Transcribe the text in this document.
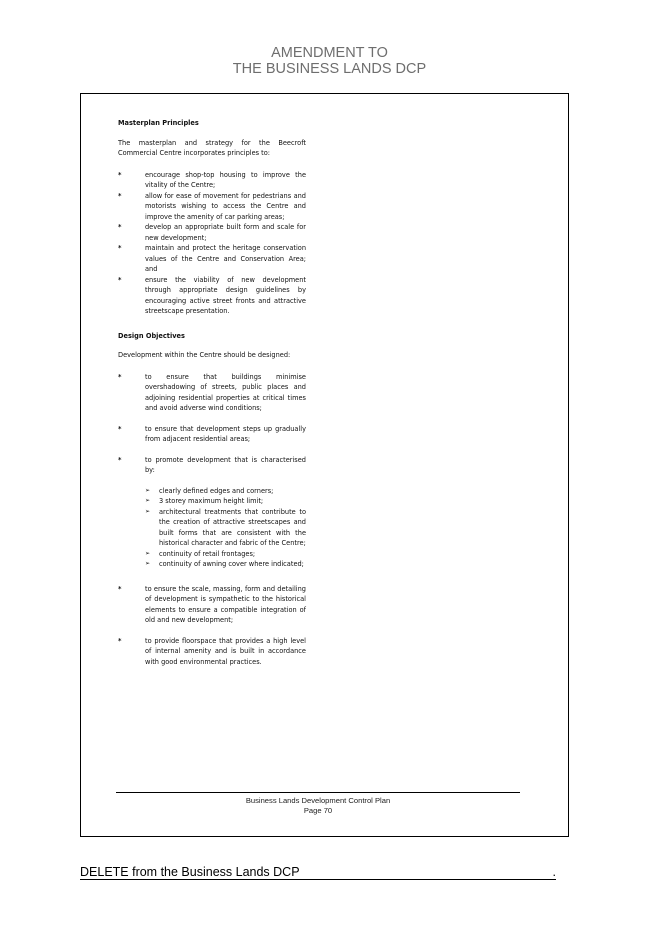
AMENDMENT TO
THE BUSINESS LANDS DCP
Masterplan Principles
The masterplan and strategy for the Beecroft Commercial Centre incorporates principles to:
* encourage shop-top housing to improve the vitality of the Centre;
* allow for ease of movement for pedestrians and motorists wishing to access the Centre and improve the amenity of car parking areas;
* develop an appropriate built form and scale for new development;
* maintain and protect the heritage conservation values of the Centre and Conservation Area; and
* ensure the viability of new development through appropriate design guidelines by encouraging active street fronts and attractive streetscape presentation.
Design Objectives
Development within the Centre should be designed:
* to ensure that buildings minimise overshadowing of streets, public places and adjoining residential properties at critical times and avoid adverse wind conditions;
* to ensure that development steps up gradually from adjacent residential areas;
* to promote development that is characterised by:
➢ clearly defined edges and corners;
➢ 3 storey maximum height limit;
➢ architectural treatments that contribute to the creation of attractive streetscapes and built forms that are consistent with the historical character and fabric of the Centre;
➢ continuity of retail frontages;
➢ continuity of awning cover where indicated;
* to ensure the scale, massing, form and detailing of development is sympathetic to the historical elements to ensure a compatible integration of old and new development;
* to provide floorspace that provides a high level of internal amenity and is built in accordance with good environmental practices.
Business Lands Development Control Plan
Page 70
DELETE from the Business Lands DCP	.
